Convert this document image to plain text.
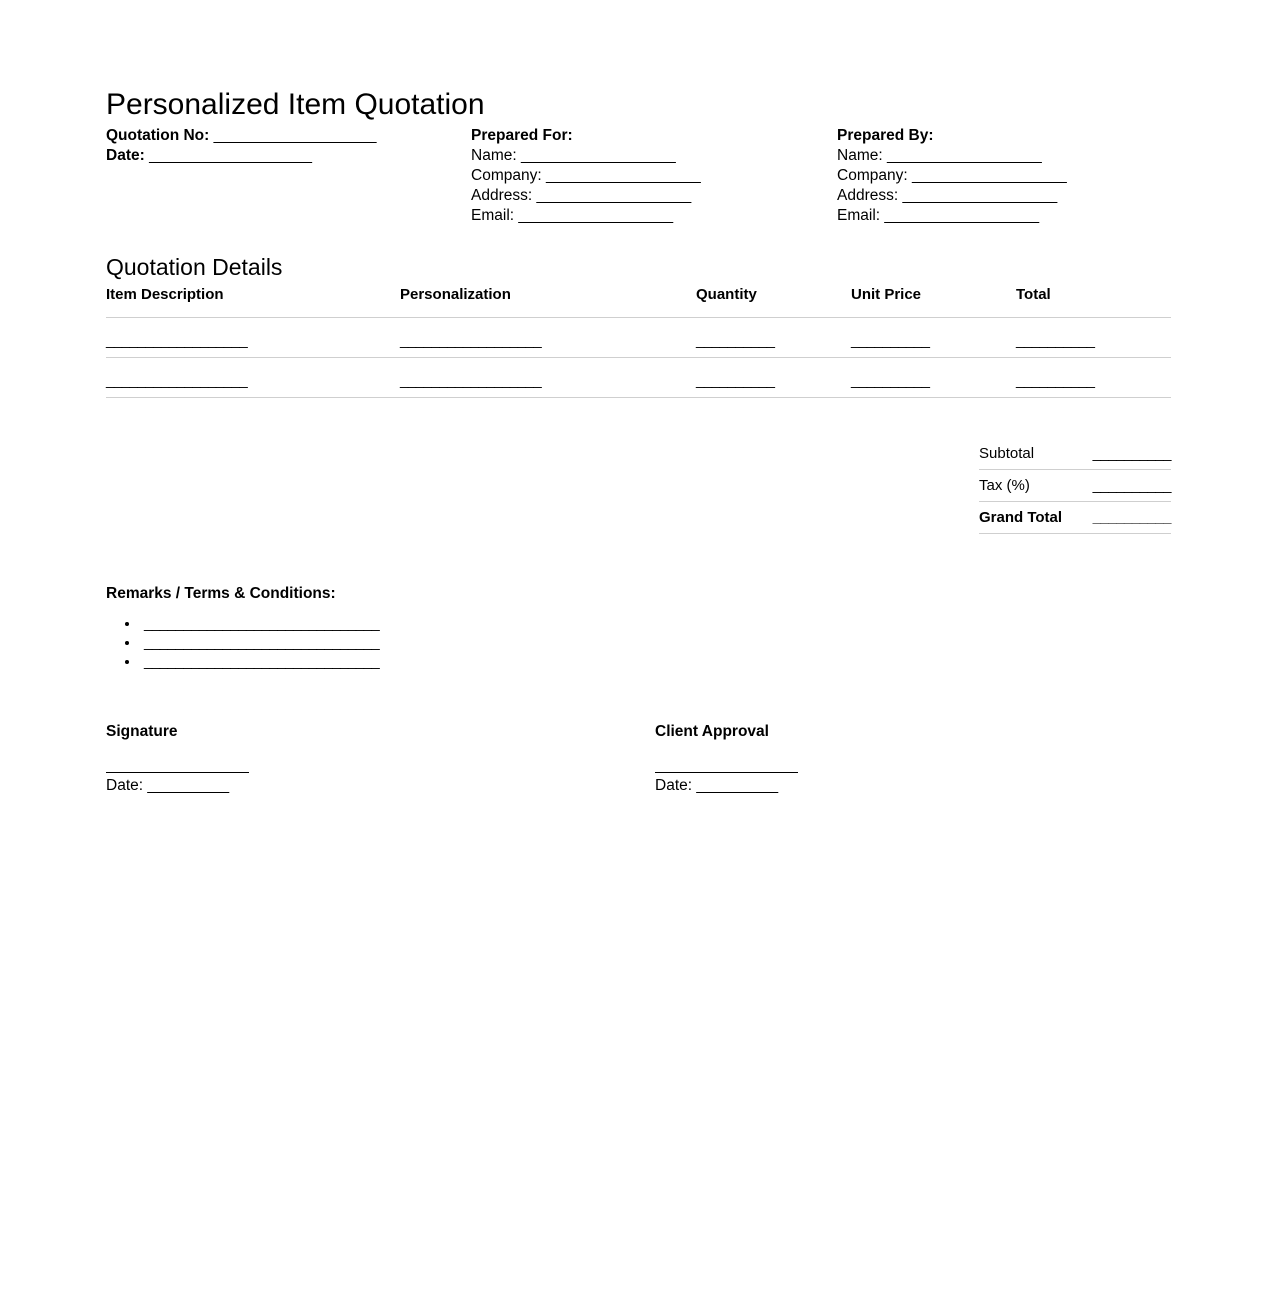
Personalized Item Quotation
Quotation No: ____________________
Date: ____________________
Prepared For:
Name: ___________________
Company: ___________________
Address: ___________________
Email: ___________________
Prepared By:
Name: ___________________
Company: ___________________
Address: ___________________
Email: ___________________
Quotation Details
Item Description	Personalization	Quantity	Unit Price	Total
__________________	__________________	__________	__________	__________
__________________	__________________	__________	__________	__________
Subtotal	__________
Tax (%)	__________
Grand Total	__________
Remarks / Terms & Conditions:
• ______________________________
• ______________________________
• ______________________________
Signature
Date: __________
Client Approval
Date: __________
